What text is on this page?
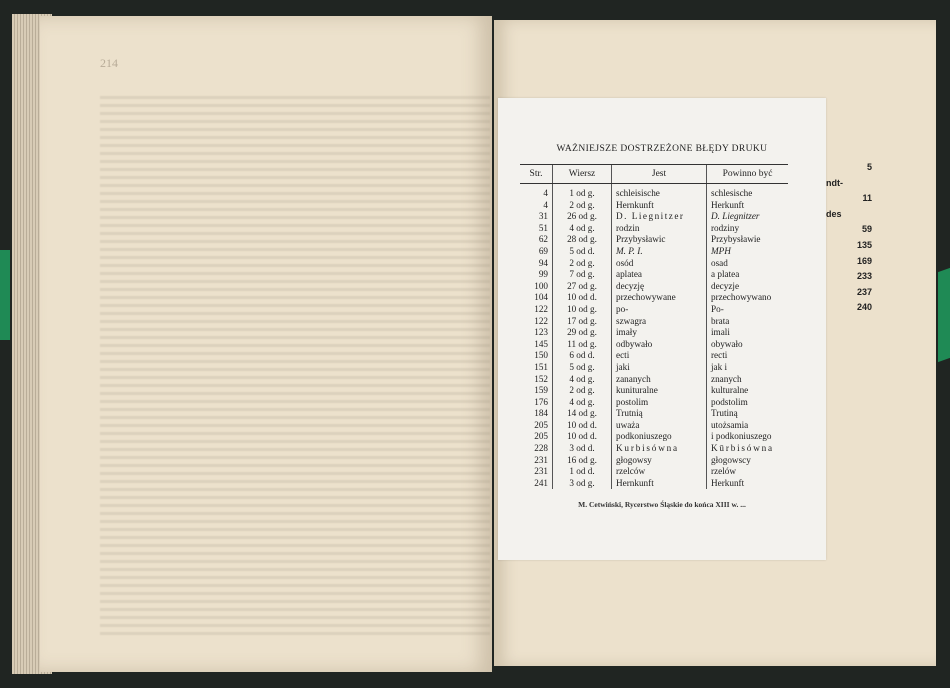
214
5
ndt-
11
des
59
135
169
233
237
240
WAŻNIEJSZE DOSTRZEŻONE BŁĘDY DRUKU
Str.	Wiersz	Jest	Powinno być
4	1 od g.	schleisische	schlesische
4	2 od g.	Hernkunft	Herkunft
31	26 od g.	D. Liegnitzer	D. Liegnitzer
51	4 od g.	rodzin	rodziny
62	28 od g.	Przybysławic	Przybysławie
69	5 od d.	M. P. I.	MPH
94	2 od g.	osód	osad
99	7 od g.	aplatea	a platea
100	27 od g.	decyzję	decyzje
104	10 od d.	przechowywane	przechowywano
122	10 od g.	po-	Po-
122	17 od g.	szwagra	brata
123	29 od g.	imały	imali
145	11 od g.	odbywało	obywało
150	6 od d.	ecti	recti
151	5 od g.	jaki	jak i
152	4 od g.	zananych	znanych
159	2 od g.	kunituralne	kulturalne
176	4 od g.	postolim	podstolim
184	14 od g.	Trutnią	Trutiną
205	10 od d.	uważa	utożsamia
205	10 od d.	podkoniuszego	i podkoniuszego
228	3 od d.	Kurbisówna	Kūrbisówna
231	16 od g.	głogowsy	głogowscy
231	1 od d.	rzelców	rzelów
241	3 od g.	Hernkunft	Herkunft
M. Cetwiński, Rycerstwo Śląskie do końca XIII w. ...
